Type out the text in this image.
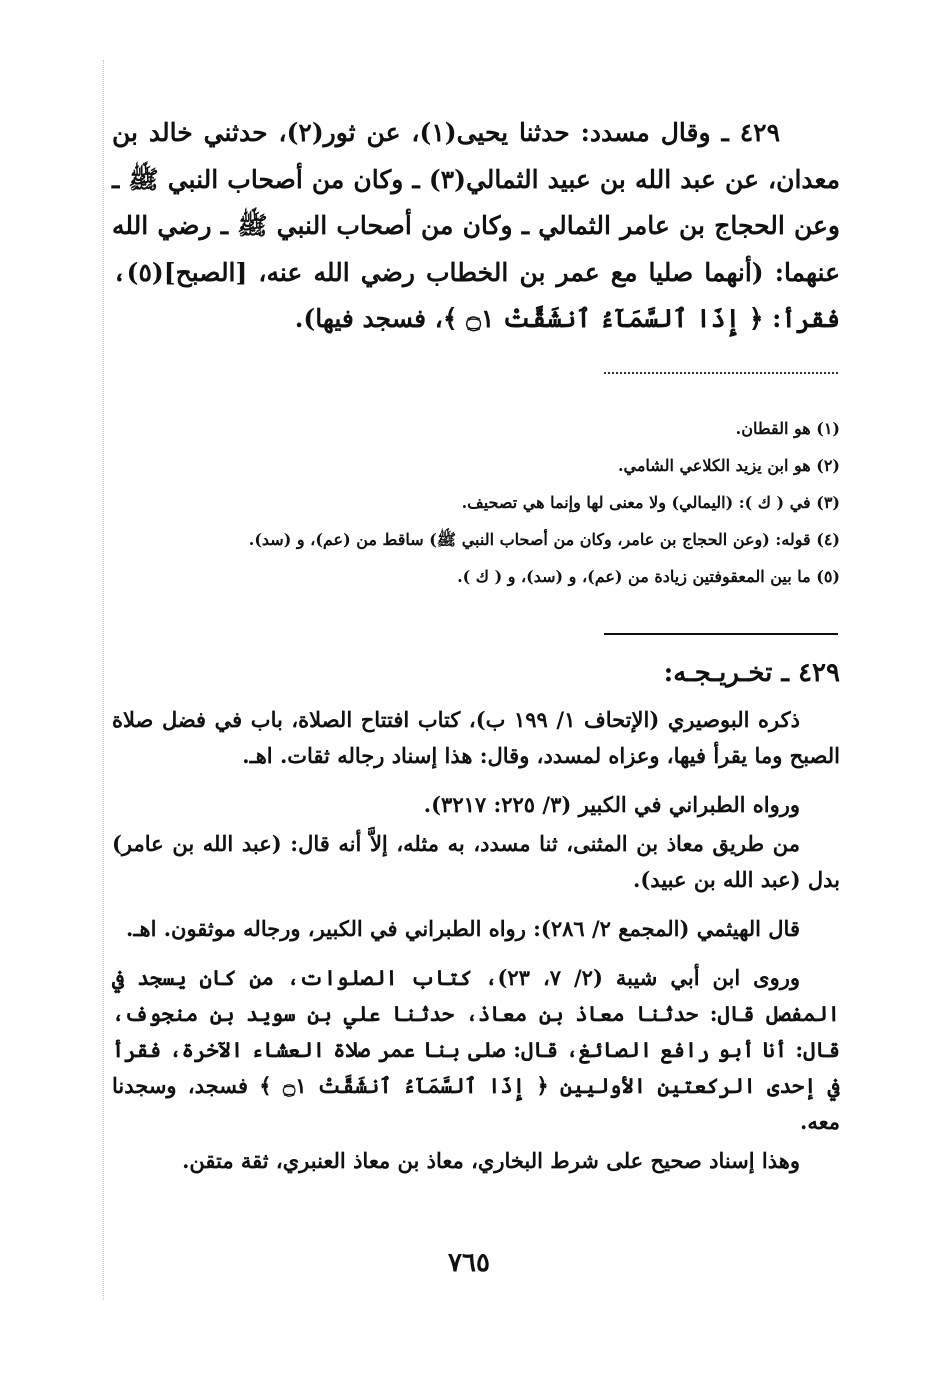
٤٢٩ ـ وقال مسدد: حدثنا يحيى(١)، عن ثور(٢)، حدثني خالد بن معدان، عن عبد الله بن عبيد الثمالي(٣) ـ وكان من أصحاب النبي ﷺ ـ وعن الحجاج بن عامر الثمالي ـ وكان من أصحاب النبي ﷺ ـ رضي الله عنهما: (أنهما صليا مع عمر بن الخطاب رضي الله عنه، [الصبح](٥)، فقرأ: ﴿ إِذَا ٱلسَّمَآءُ ٱنشَقَّتْ ۝١ ﴾، فسجد فيها).

(١) هو القطان.

(٢) هو ابن يزيد الكلاعي الشامي.

(٣) في ( ك ): (اليمالي) ولا معنى لها وإنما هي تصحيف.

(٤) قوله: (وعن الحجاج بن عامر، وكان من أصحاب النبي ﷺ) ساقط من (عم)، و (سد).

(٥) ما بين المعقوفتين زيادة من (عم)، و (سد)، و ( ك ).

٤٢٩ ـ تخـريـجـه:

ذكره البوصيري (الإتحاف ١/ ١٩٩ ب)، كتاب افتتاح الصلاة، باب في فضل صلاة الصبح وما يقرأ فيها، وعزاه لمسدد، وقال: هذا إسناد رجاله ثقات. اهـ.

ورواه الطبراني في الكبير (٣/ ٢٢٥: ٣٢١٧).

من طريق معاذ بن المثنى، ثنا مسدد، به مثله، إلاَّ أنه قال: (عبد الله بن عامر) بدل (عبد الله بن عبيد).

قال الهيثمي (المجمع ٢/ ٢٨٦): رواه الطبراني في الكبير، ورجاله موثقون. اهـ.

وروى ابن أبي شيبة (٢/ ٧، ٢٣)، كتاب الصلوات، من كان يسجد في المفصل قال: حدثنا معاذ بن معاذ، حدثنا علي بن سويد بن منجوف، قال: أنا أبو رافع الصائغ، قال: صلى بنا عمر صلاة العشاء الآخرة، فقرأ في إحدى الركعتين الأوليين ﴿ إِذَا ٱلسَّمَآءُ ٱنشَقَّتْ ۝١ ﴾ فسجد، وسجدنا معه.

وهذا إسناد صحيح على شرط البخاري، معاذ بن معاذ العنبري، ثقة متقن.

٧٦٥
